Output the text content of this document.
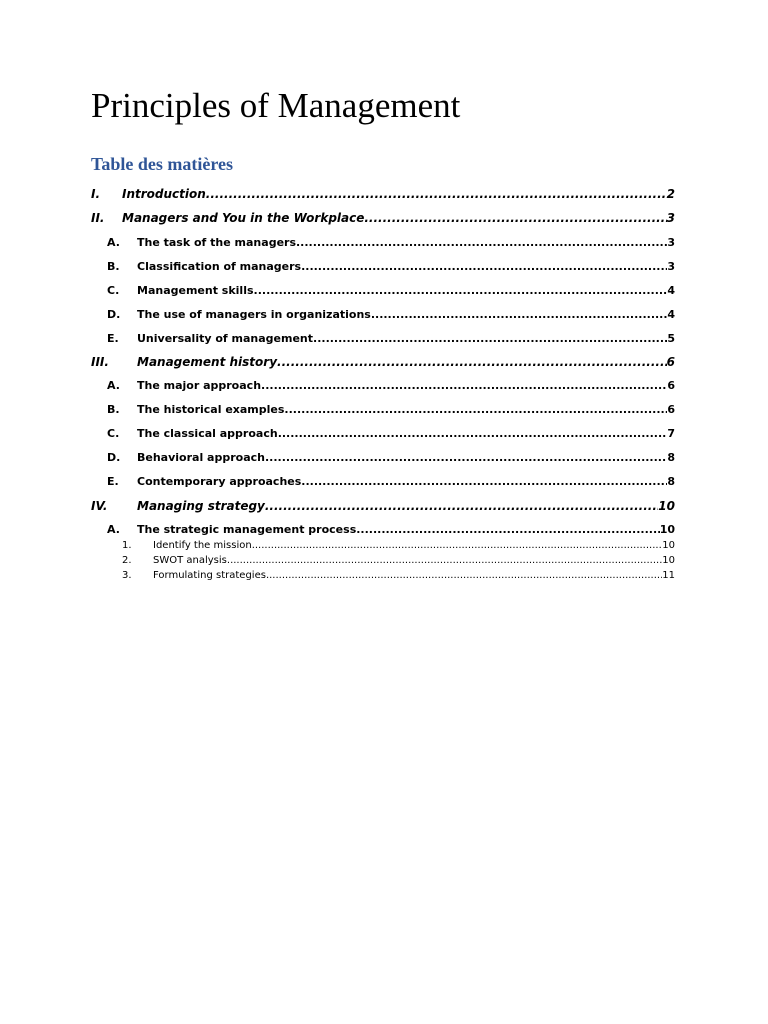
Principles of Management
Table des matières
I.	Introduction .....	2
II.	Managers and You in the Workplace .....	3
A.	The task of the managers .....	3
B.	Classification of managers .....	3
C.	Management skills .....	4
D.	The use of managers in organizations .....	4
E.	Universality of management .....	5
III.	Management history .....	6
A.	The major approach .....	6
B.	The historical examples .....	6
C.	The classical approach .....	7
D.	Behavioral approach .....	8
E.	Contemporary approaches .....	8
IV.	Managing strategy .....	10
A.	The strategic management process .....	10
1.	Identify the mission .....	10
2.	SWOT analysis .....	10
3.	Formulating strategies .....	11
